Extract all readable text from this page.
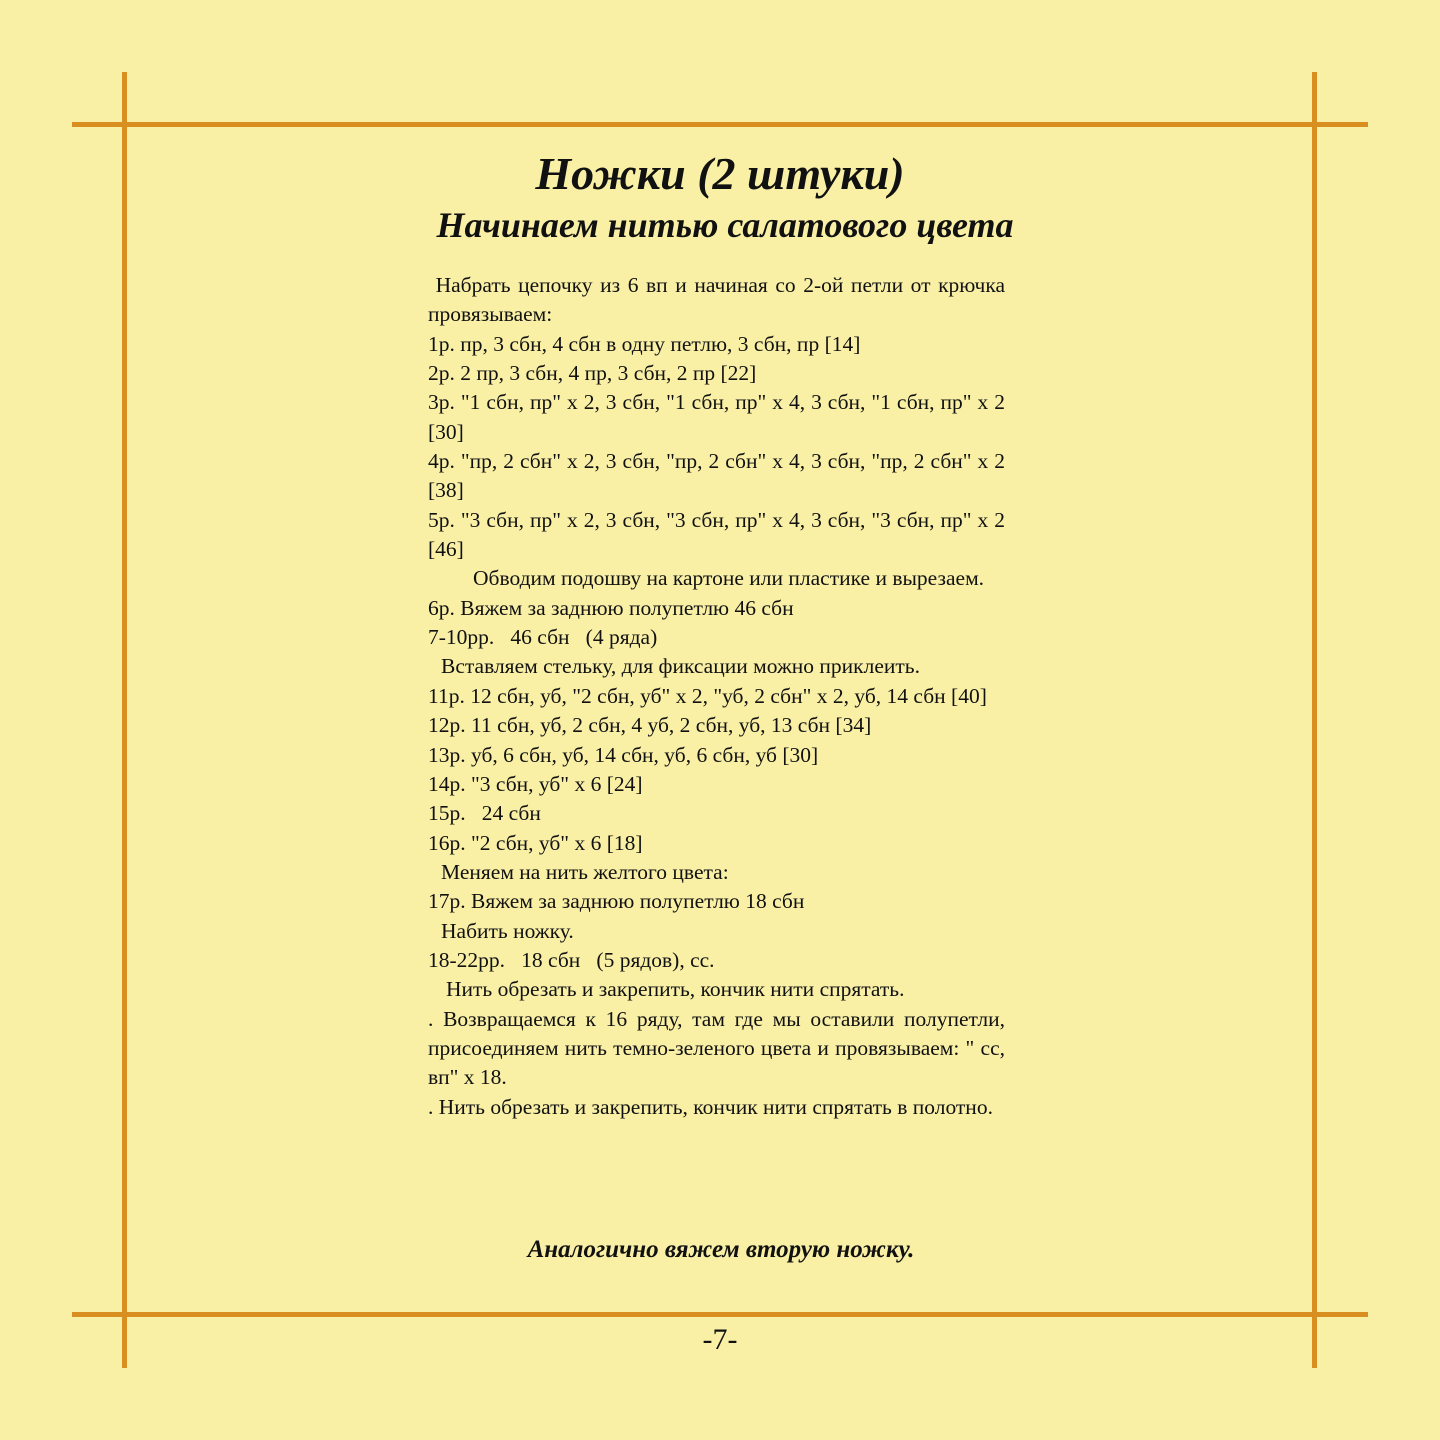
Ножки (2 штуки)
Начинаем нитью салатового цвета

Набрать цепочку из 6 вп и начиная со 2-ой петли от крючка провязываем:

1р. пр, 3 сбн, 4 сбн в одну петлю, 3 сбн, пр [14]

2р. 2 пр, 3 сбн, 4 пр, 3 сбн, 2 пр [22]

3р. "1 сбн, пр" х 2, 3 сбн, "1 сбн, пр" х 4, 3 сбн, "1 сбн, пр" х 2 [30]

4р. "пр, 2 сбн" х 2, 3 сбн, "пр, 2 сбн" х 4, 3 сбн, "пр, 2 сбн" х 2 [38]

5р. "3 сбн, пр" х 2, 3 сбн, "3 сбн, пр" х 4, 3 сбн, "3 сбн, пр" х 2 [46]

Обводим подошву на картоне или пластике и вырезаем.

6р. Вяжем за заднюю полупетлю 46 сбн

7-10рр.   46 сбн   (4 ряда)

Вставляем стельку, для фиксации можно приклеить.

11р. 12 сбн, уб, "2 сбн, уб" х 2, "уб, 2 сбн" х 2, уб, 14 сбн [40]

12р. 11 сбн, уб, 2 сбн, 4 уб, 2 сбн, уб, 13 сбн [34]

13р. уб, 6 сбн, уб, 14 сбн, уб, 6 сбн, уб [30]

14р. "3 сбн, уб" х 6 [24]

15р.   24 сбн

16р. "2 сбн, уб" х 6 [18]

Меняем на нить желтого цвета:

17р. Вяжем за заднюю полупетлю 18 сбн

Набить ножку.

18-22рр.   18 сбн   (5 рядов), сс.

Нить обрезать и закрепить, кончик нити спрятать.

. Возвращаемся к 16 ряду, там где мы оставили полупетли, присоединяем нить темно-зеленого цвета и провязываем: " сс, вп" х 18.

. Нить обрезать и закрепить, кончик нити спрятать в полотно.

Аналогично вяжем вторую ножку.

-7-
